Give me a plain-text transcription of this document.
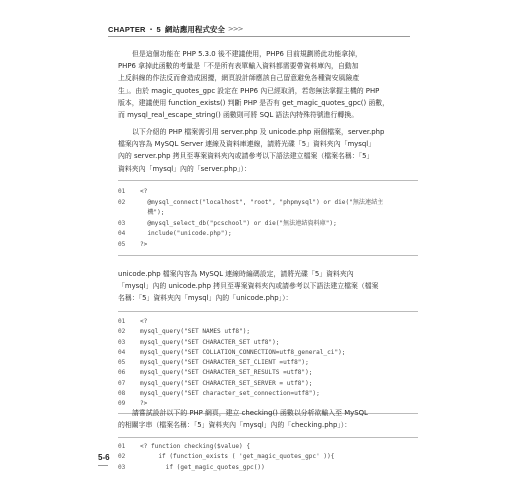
CHAPTER · 5 網站應用程式安全 >>>

但是這個功能在 PHP 5.3.0 後不建議使用，PHP6 目前規劃將此功能拿掉，

PHP6 拿掉此函數的考量是「不是所有表單輸入資料都需要帶資料庫內，自動加

上反斜線的作法反而會造成困擾，網頁設計師應該自己留意避免各種資安風險產

生」。由於 magic_quotes_gpc 設定在 PHP6 內已經取消，若您無法掌握主機的 PHP

版本，建議使用 function_exists() 判斷 PHP 是否有 get_magic_quotes_gpc() 函數，

而 mysql_real_escape_string() 函數則可將 SQL 語法內特殊符號進行轉換。

以下介紹的 PHP 檔案需引用 server.php 及 unicode.php 兩個檔案，server.php

檔案內容為 MySQL Server 連線及資料庫連線，請將光碟「5」資料夾內「mysql」

內的 server.php 拷貝至專案資料夾內或請參考以下語法建立檔案（檔案名稱：「5」

資料夾內「mysql」內的「server.php」）：

01	<?
02	@mysql_connect("localhost", "root", "phpmysql") or die("無法連結主
機");
03	@mysql_select_db("pcschool") or die("無法連結資料庫");
04	include("unicode.php");
05	?>

unicode.php 檔案內容為 MySQL 連線時編碼設定，請將光碟「5」資料夾內

「mysql」內的 unicode.php 拷貝至專案資料夾內或請參考以下語法建立檔案（檔案

名稱：「5」資料夾內「mysql」內的「unicode.php」）：

01	<?
02	mysql_query("SET NAMES utf8");
03	mysql_query("SET CHARACTER_SET utf8");
04	mysql_query("SET COLLATION_CONNECTION=utf8_general_ci");
05	mysql_query("SET CHARACTER_SET_CLIENT =utf8");
06	mysql_query("SET CHARACTER_SET_RESULTS =utf8");
07	mysql_query("SET CHARACTER_SET_SERVER = utf8");
08	mysql_query("SET character_set_connection=utf8");
09	?>

請嘗試設計以下的 PHP 網頁，建立 checking() 函數以分析欲輸入至 MySQL

的相關字串（檔案名稱：「5」資料夾內「mysql」內的「checking.php」）：

01	<? function checking($value) {
02	if (function_exists ( 'get_magic_quotes_gpc' )){
03	if (get_magic_quotes_gpc())
5-6
